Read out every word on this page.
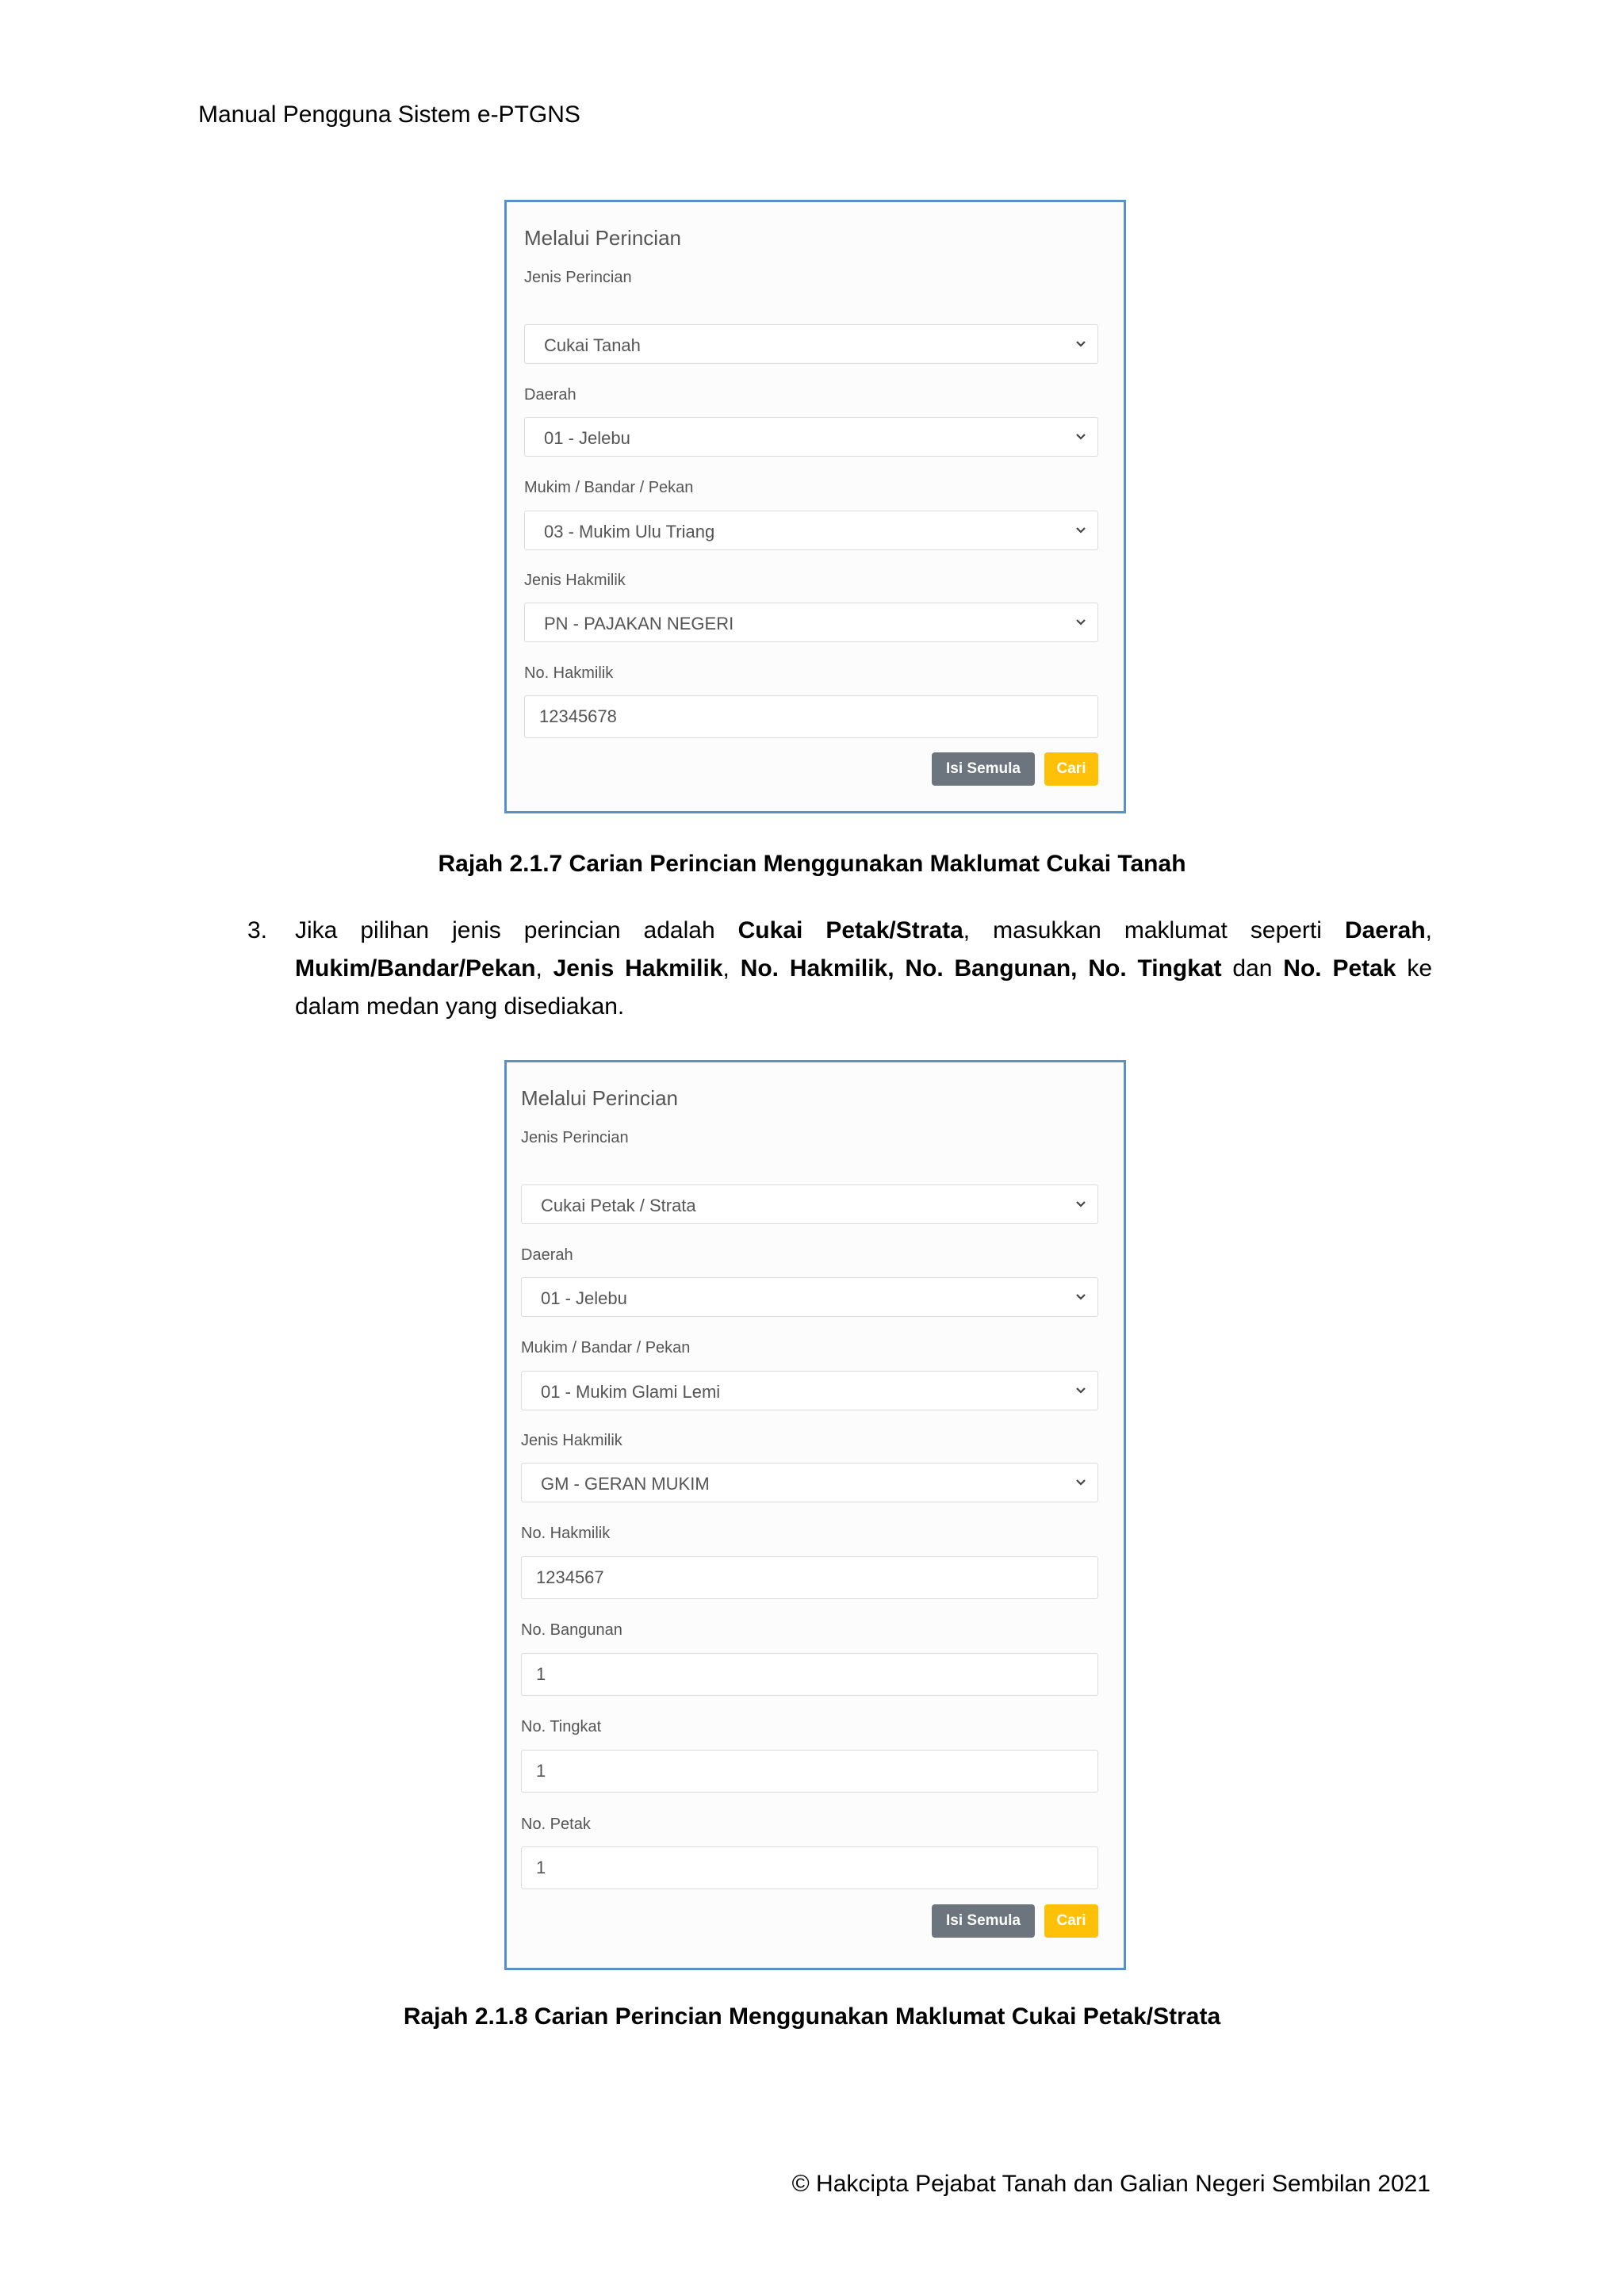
Manual Pengguna Sistem e-PTGNS
Melalui Perincian
Jenis Perincian
Cukai Tanah
Daerah
01 - Jelebu
Mukim / Bandar / Pekan
03 - Mukim Ulu Triang
Jenis Hakmilik
PN - PAJAKAN NEGERI
No. Hakmilik
12345678
Isi Semula	Cari
Rajah 2.1.7 Carian Perincian Menggunakan Maklumat Cukai Tanah
3. Jika pilihan jenis perincian adalah Cukai Petak/Strata, masukkan maklumat seperti Daerah, Mukim/Bandar/Pekan, Jenis Hakmilik, No. Hakmilik, No. Bangunan, No. Tingkat dan No. Petak ke dalam medan yang disediakan.
Melalui Perincian
Jenis Perincian
Cukai Petak / Strata
Daerah
01 - Jelebu
Mukim / Bandar / Pekan
01 - Mukim Glami Lemi
Jenis Hakmilik
GM - GERAN MUKIM
No. Hakmilik
1234567
No. Bangunan
1
No. Tingkat
1
No. Petak
1
Isi Semula	Cari
Rajah 2.1.8 Carian Perincian Menggunakan Maklumat Cukai Petak/Strata
© Hakcipta Pejabat Tanah dan Galian Negeri Sembilan 2021
